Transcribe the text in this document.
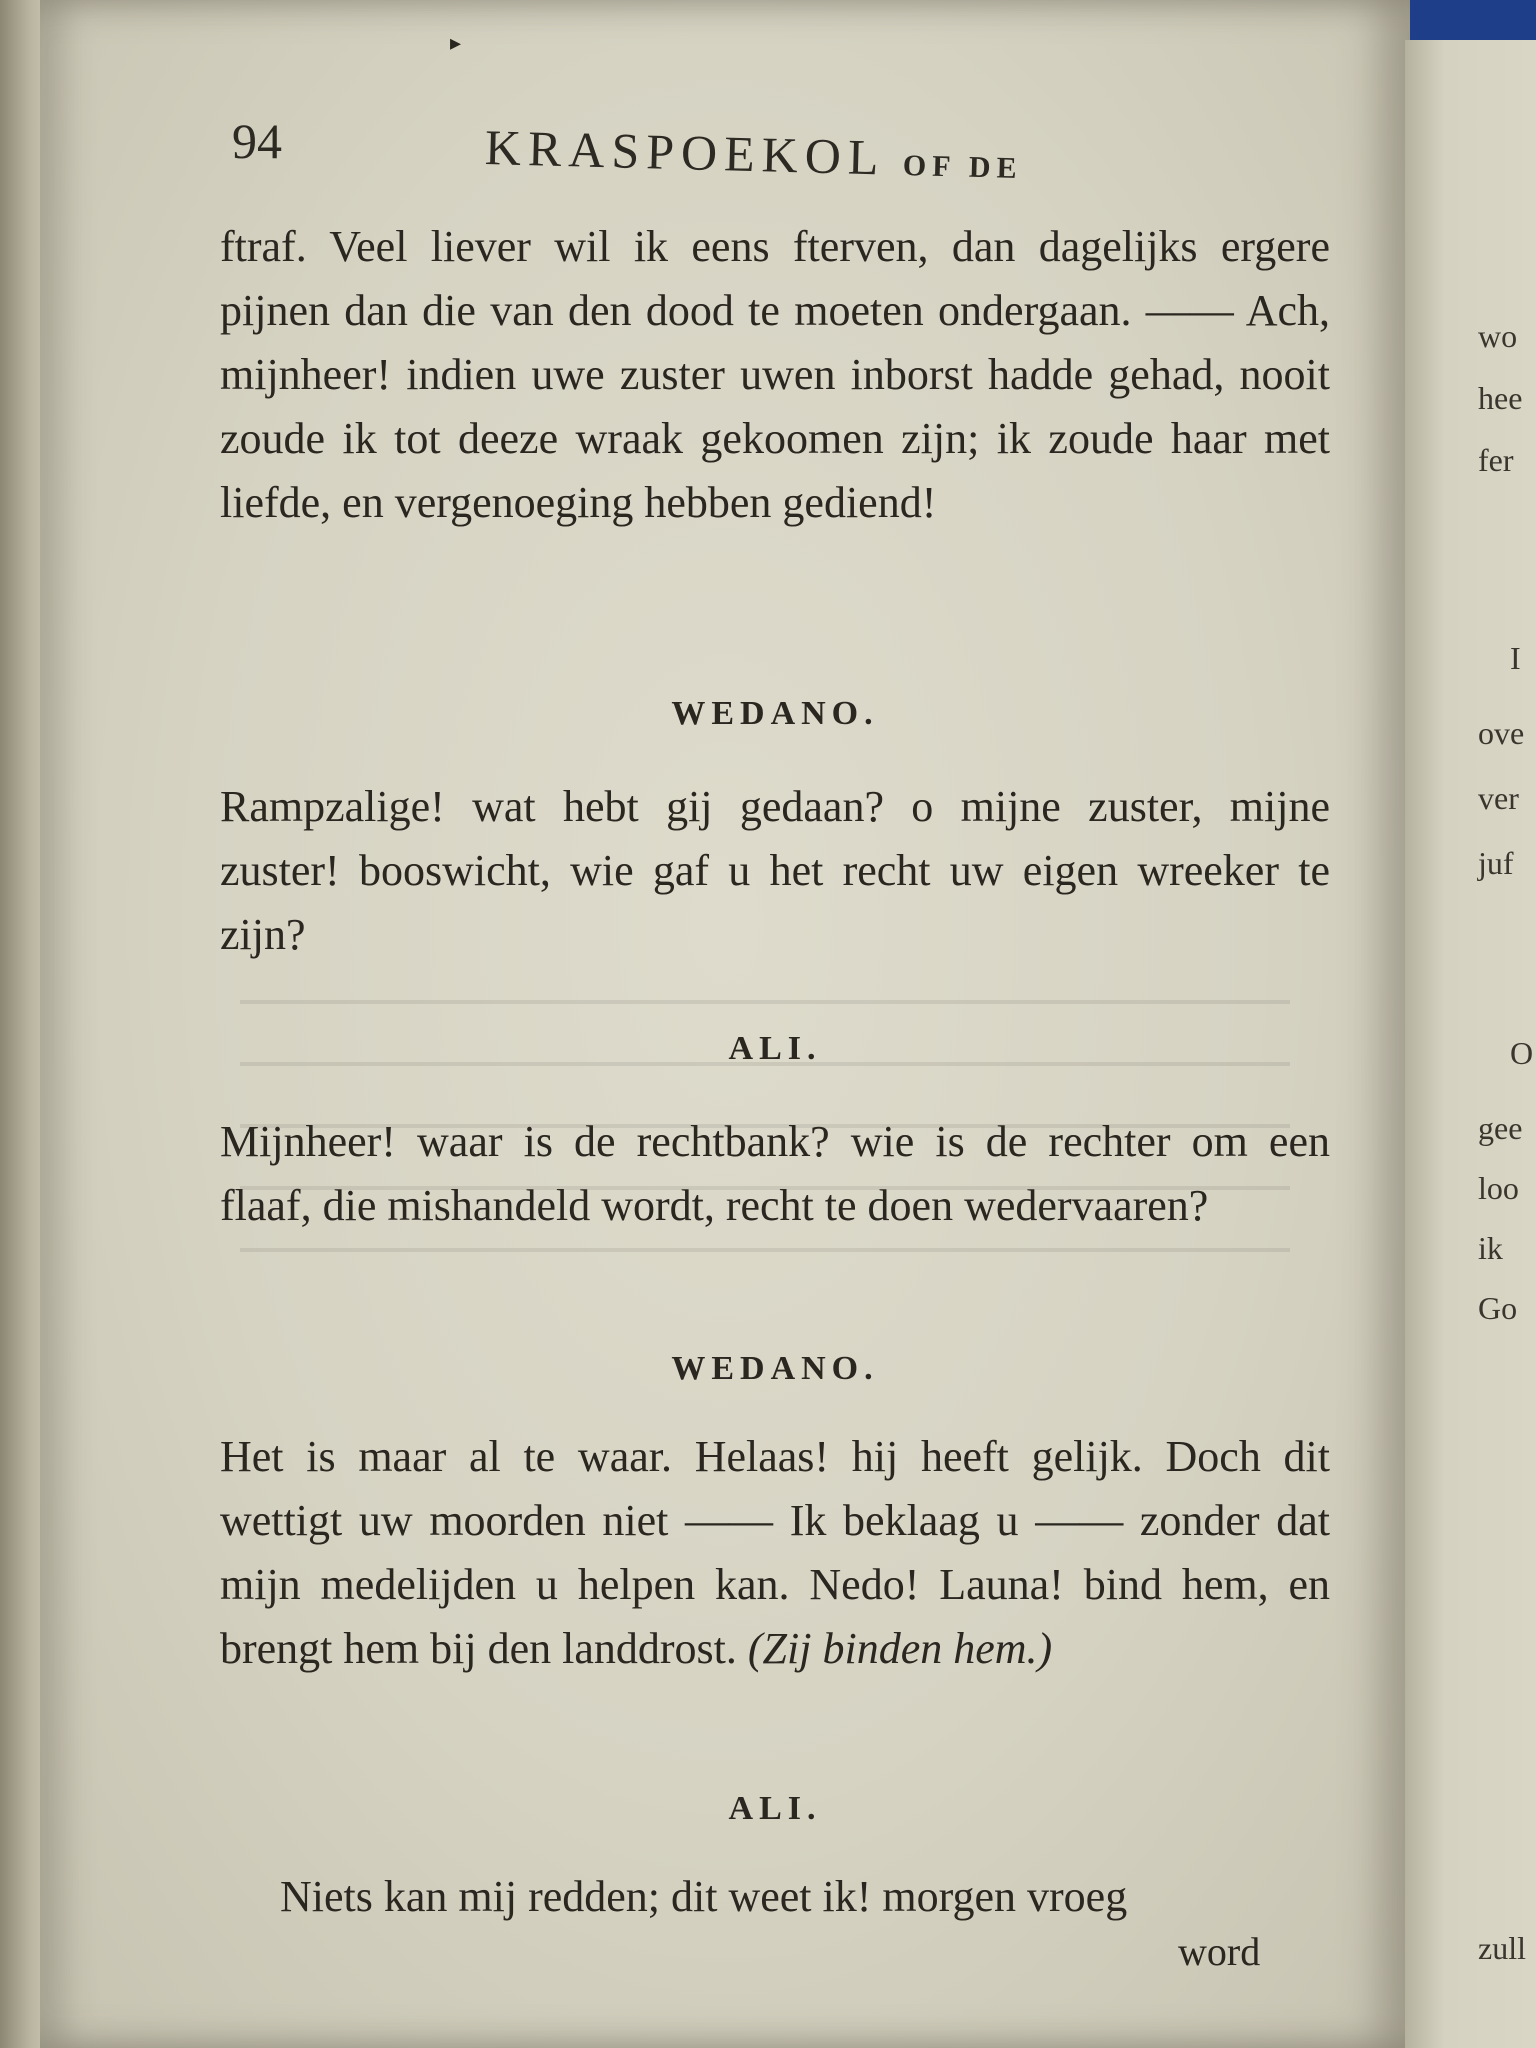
wo
hee
fer
I
ove
ver
juf
O
gee
loo
ik
Go
zull
▸
94	KRASPOEKOL OF DE

ftraf. Veel liever wil ik eens fterven, dan dagelijks ergere pijnen dan die van den dood te moeten ondergaan. —— Ach, mijnheer! indien uwe zuster uwen inborst hadde gehad, nooit zoude ik tot deeze wraak gekoomen zijn; ik zoude haar met liefde, en vergenoeging hebben gediend!

WEDANO.

Rampzalige! wat hebt gij gedaan? o mijne zuster, mijne zuster! booswicht, wie gaf u het recht uw eigen wreeker te zijn?

ALI.

Mijnheer! waar is de rechtbank? wie is de rechter om een flaaf, die mishandeld wordt, recht te doen wedervaaren?

WEDANO.

Het is maar al te waar. Helaas! hij heeft gelijk. Doch dit wettigt uw moorden niet —— Ik beklaag u —— zonder dat mijn medelijden u helpen kan. Nedo! Launa! bind hem, en brengt hem bij den landdrost. (Zij binden hem.)

ALI.

Niets kan mij redden; dit weet ik! morgen vroeg

word
